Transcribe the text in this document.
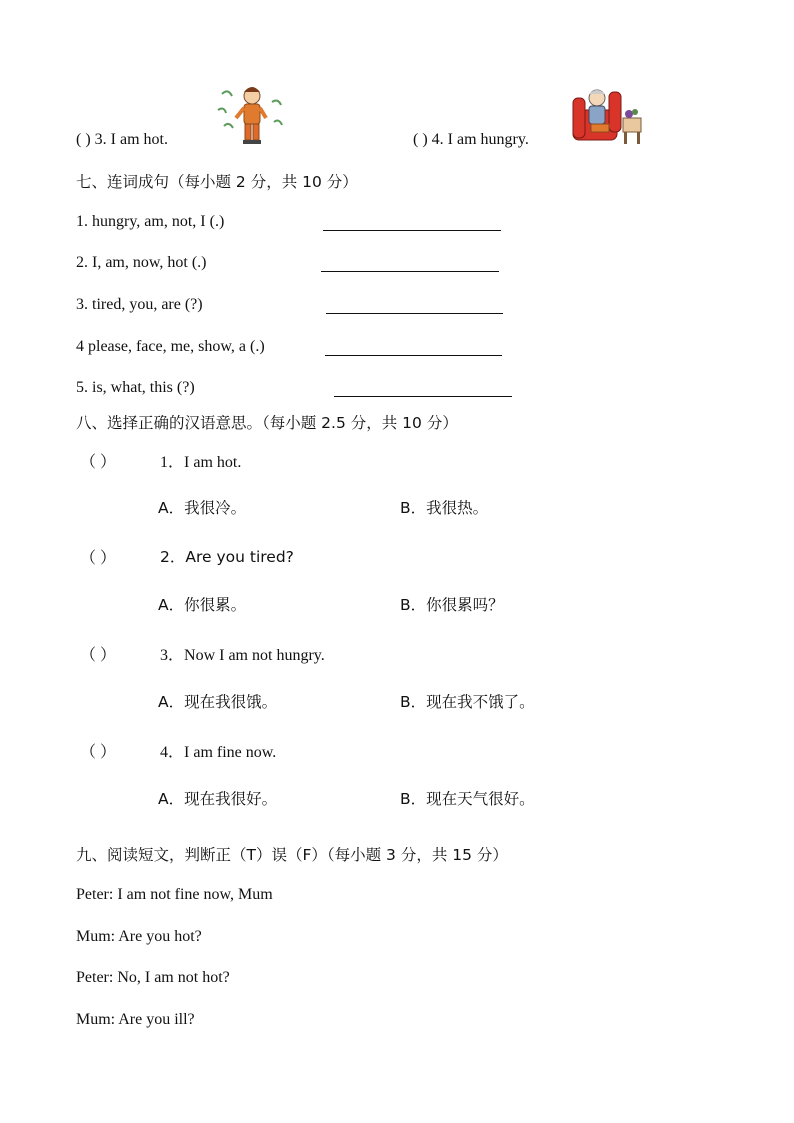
( ) 3. I am hot.	( ) 4. I am hungry.
七、连词成句（每小题 2 分，共 10 分）
1. hungry, am, not, I (.)
2. I, am, now, hot (.)
3. tired, you, are (?)
4 please, face, me, show, a (.)
5. is, what, this (?)
八、选择正确的汉语意思。（每小题 2.5 分，共 10 分）
（ ）	1．I am hot.
A．我很冷。	B．我很热。
（ ）	2．Are you tired?
A．你很累。	B．你很累吗？
（ ）	3．Now I am not hungry.
A．现在我很饿。	B．现在我不饿了。
（ ）	4．I am fine now.
A．现在我很好。	B．现在天气很好。
九、阅读短文，判断正（T）误（F）（每小题 3 分，共 15 分）
Peter: I am not fine now, Mum
Mum: Are you hot?
Peter: No, I am not hot?
Mum: Are you ill?
